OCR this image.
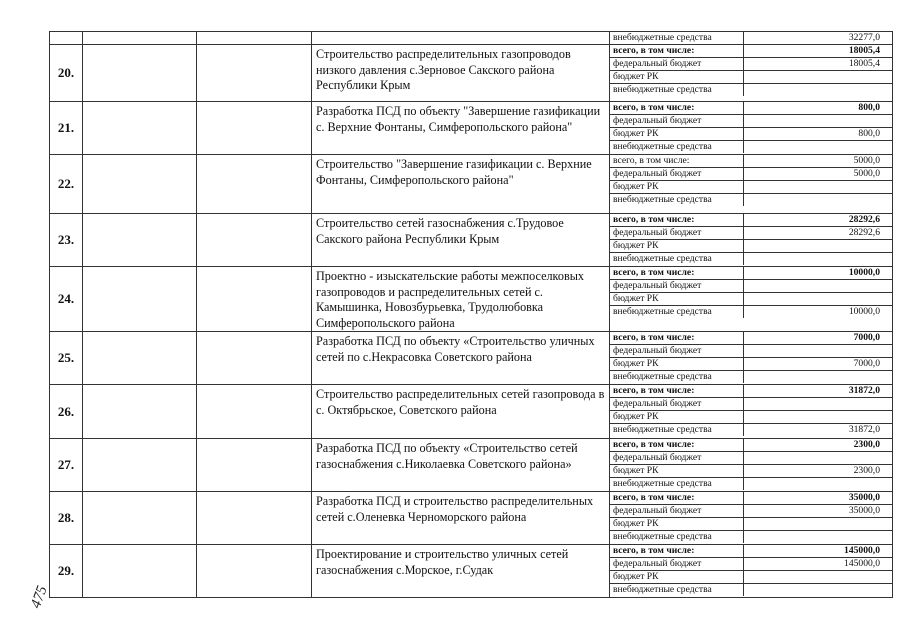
внебюджетные средства	32277,0

20.			Строительство распределительных газопроводов низкого давления с.Зерновое Сакского района Республики Крым	
всего, в том числе:	18005,4
федеральный бюджет	18005,4
бюджет РК	
внебюджетные средства	

21.			Разработка ПСД по объекту "Завершение газификации с. Верхние Фонтаны, Симферопольского района"	
всего, в том числе:	800,0
федеральный бюджет	
бюджет РК	800,0
внебюджетные средства	

22.			Строительство "Завершение газификации с. Верхние Фонтаны, Симферопольского района"	
всего, в том числе:	5000,0
федеральный бюджет	5000,0
бюджет РК	
внебюджетные средства	

23.			Строительство сетей газоснабжения с.Трудовое Сакского района Республики Крым	
всего, в том числе:	28292,6
федеральный бюджет	28292,6
бюджет РК	
внебюджетные средства	

24.			Проектно - изыскательские работы межпоселковых газопроводов и распределительных сетей с. Камышинка, Новозбурьевка, Трудолюбовка Симферопольского района	
всего, в том числе:	10000,0
федеральный бюджет	
бюджет РК	
внебюджетные средства	10000,0

25.			Разработка ПСД по объекту «Строительство уличных сетей по с.Некрасовка Советского района	
всего, в том числе:	7000,0
федеральный бюджет	
бюджет РК	7000,0
внебюджетные средства	

26.			Строительство распределительных сетей газопровода в с. Октябрьское, Советского района	
всего, в том числе:	31872,0
федеральный бюджет	
бюджет РК	
внебюджетные средства	31872,0

27.			Разработка ПСД по объекту «Строительство сетей газоснабжения с.Николаевка Советского района»	
всего, в том числе:	2300,0
федеральный бюджет	
бюджет РК	2300,0
внебюджетные средства	

28.			Разработка ПСД и строительство распределительных сетей с.Оленевка Черноморского района	
всего, в том числе:	35000,0
федеральный бюджет	35000,0
бюджет РК	
внебюджетные средства	

29.			Проектирование и строительство уличных сетей газоснабжения с.Морское, г.Судак	
всего, в том числе:	145000,0
федеральный бюджет	145000,0
бюджет РК	
внебюджетные средства	
475
